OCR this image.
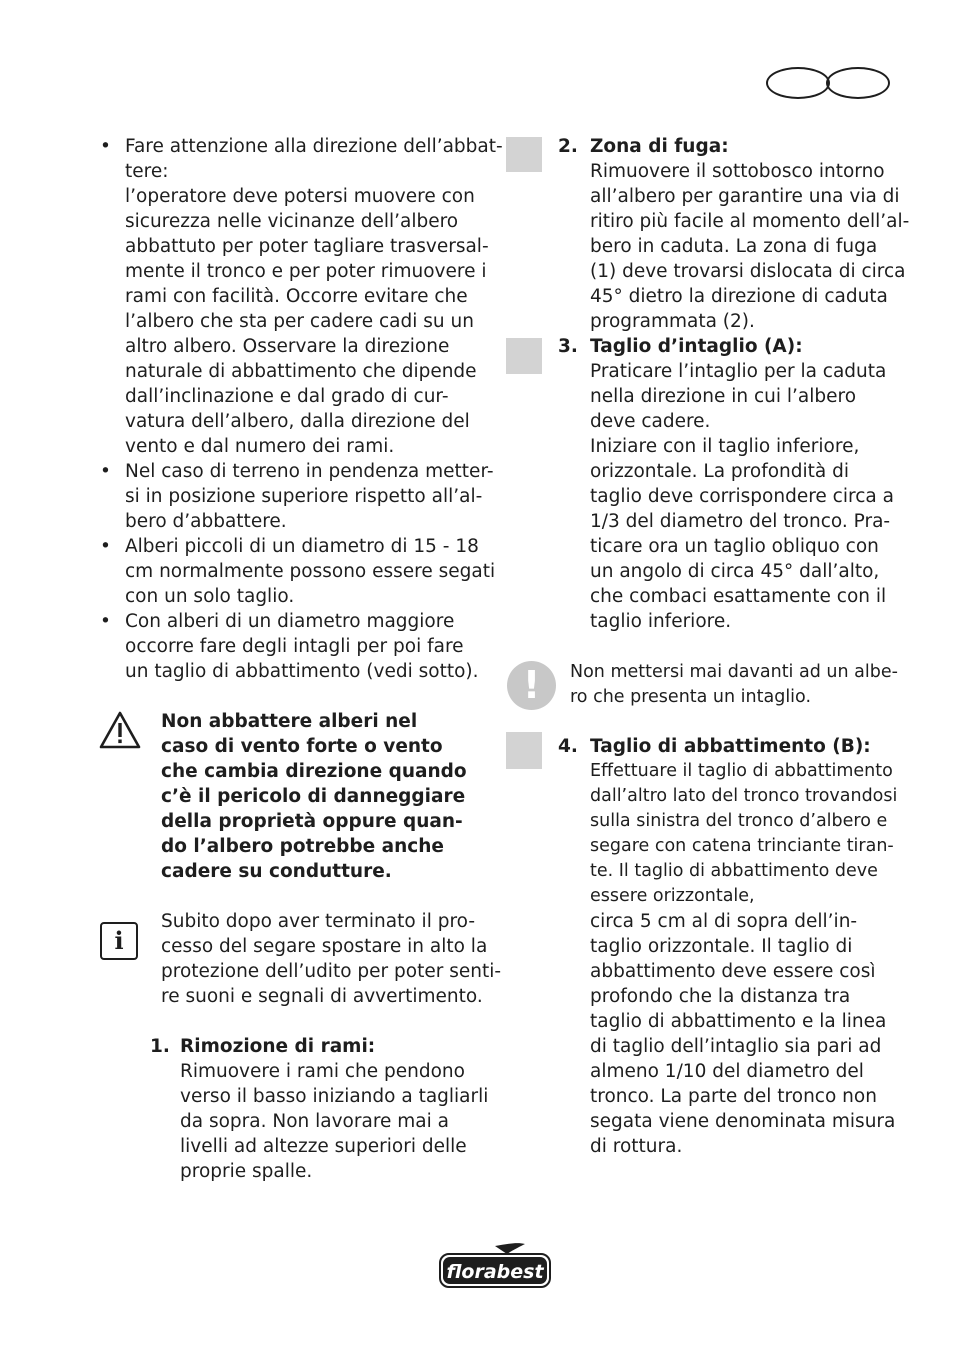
• Fare attenzione alla direzione dell’abbat-
tere:
l’operatore deve potersi muovere con
sicurezza nelle vicinanze dell’albero
abbattuto per poter tagliare trasversal-
mente il tronco e per poter rimuovere i
rami con facilità. Occorre evitare che
l’albero che sta per cadere cadi su un
altro albero. Osservare la direzione
naturale di abbattimento che dipende
dall’inclinazione e dal grado di cur-
vatura dell’albero, dalla direzione del
vento e dal numero dei rami.
• Nel caso di terreno in pendenza metter-
si in posizione superiore rispetto all’al-
bero d’abbattere.
• Alberi piccoli di un diametro di 15 - 18
cm normalmente possono essere segati
con un solo taglio.
• Con alberi di un diametro maggiore
occorre fare degli intagli per poi fare
un taglio di abbattimento (vedi sotto).
Non abbattere alberi nel
caso di vento forte o vento
che cambia direzione quando
c’è il pericolo di danneggiare
della proprietà oppure quan-
do l’albero potrebbe anche
cadere su condutture.
i
Subito dopo aver terminato il pro-
cesso del segare spostare in alto la
protezione dell’udito per poter senti-
re suoni e segnali di avvertimento.
1. Rimozione di rami:
Rimuovere i rami che pendono
verso il basso iniziando a tagliarli
da sopra. Non lavorare mai a
livelli ad altezze superiori delle
proprie spalle.
2. Zona di fuga:
Rimuovere il sottobosco intorno
all’albero per garantire una via di
ritiro più facile al momento dell’al-
bero in caduta. La zona di fuga
(1) deve trovarsi dislocata di circa
45° dietro la direzione di caduta
programmata (2).
3. Taglio d’intaglio (A):
Praticare l’intaglio per la caduta
nella direzione in cui l’albero
deve cadere.
Iniziare con il taglio inferiore,
orizzontale. La profondità di
taglio deve corrispondere circa a
1/3 del diametro del tronco. Pra-
ticare ora un taglio obliquo con
un angolo di circa 45° dall’alto,
che combaci esattamente con il
taglio inferiore.
!	Non mettersi mai davanti ad un albe-
ro che presenta un intaglio.
4. Taglio di abbattimento (B):
Effettuare il taglio di abbattimento
dall’altro lato del tronco trovandosi
sulla sinistra del tronco d’albero e
segare con catena trinciante tiran-
te. Il taglio di abbattimento deve
essere orizzontale,
circa 5 cm al di sopra dell’in-
taglio orizzontale. Il taglio di
abbattimento deve essere così
profondo che la distanza tra
taglio di abbattimento e la linea
di taglio dell’intaglio sia pari ad
almeno 1/10 del diametro del
tronco. La parte del tronco non
segata viene denominata misura
di rottura.
florabest
